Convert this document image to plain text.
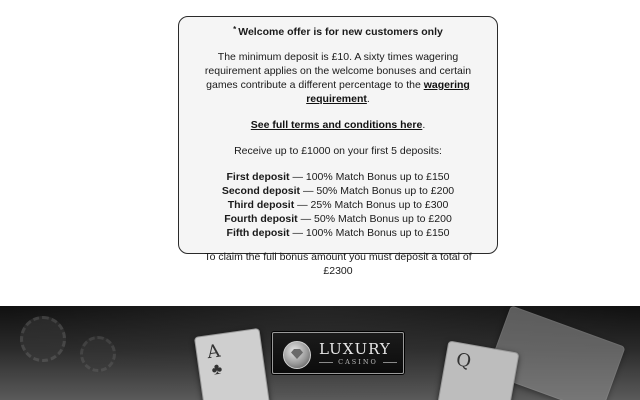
* Welcome offer is for new customers only

The minimum deposit is £10. A sixty times wagering requirement applies on the welcome bonuses and certain games contribute a different percentage to the wagering requirement.

See full terms and conditions here.

Receive up to £1000 on your first 5 deposits:

First deposit — 100% Match Bonus up to £150

Second deposit — 50% Match Bonus up to £200

Third deposit — 25% Match Bonus up to £300

Fourth deposit — 50% Match Bonus up to £200

Fifth deposit — 100% Match Bonus up to £150

To claim the full bonus amount you must deposit a total of £2300

A
♣	Q
LUXURY
CASINO
